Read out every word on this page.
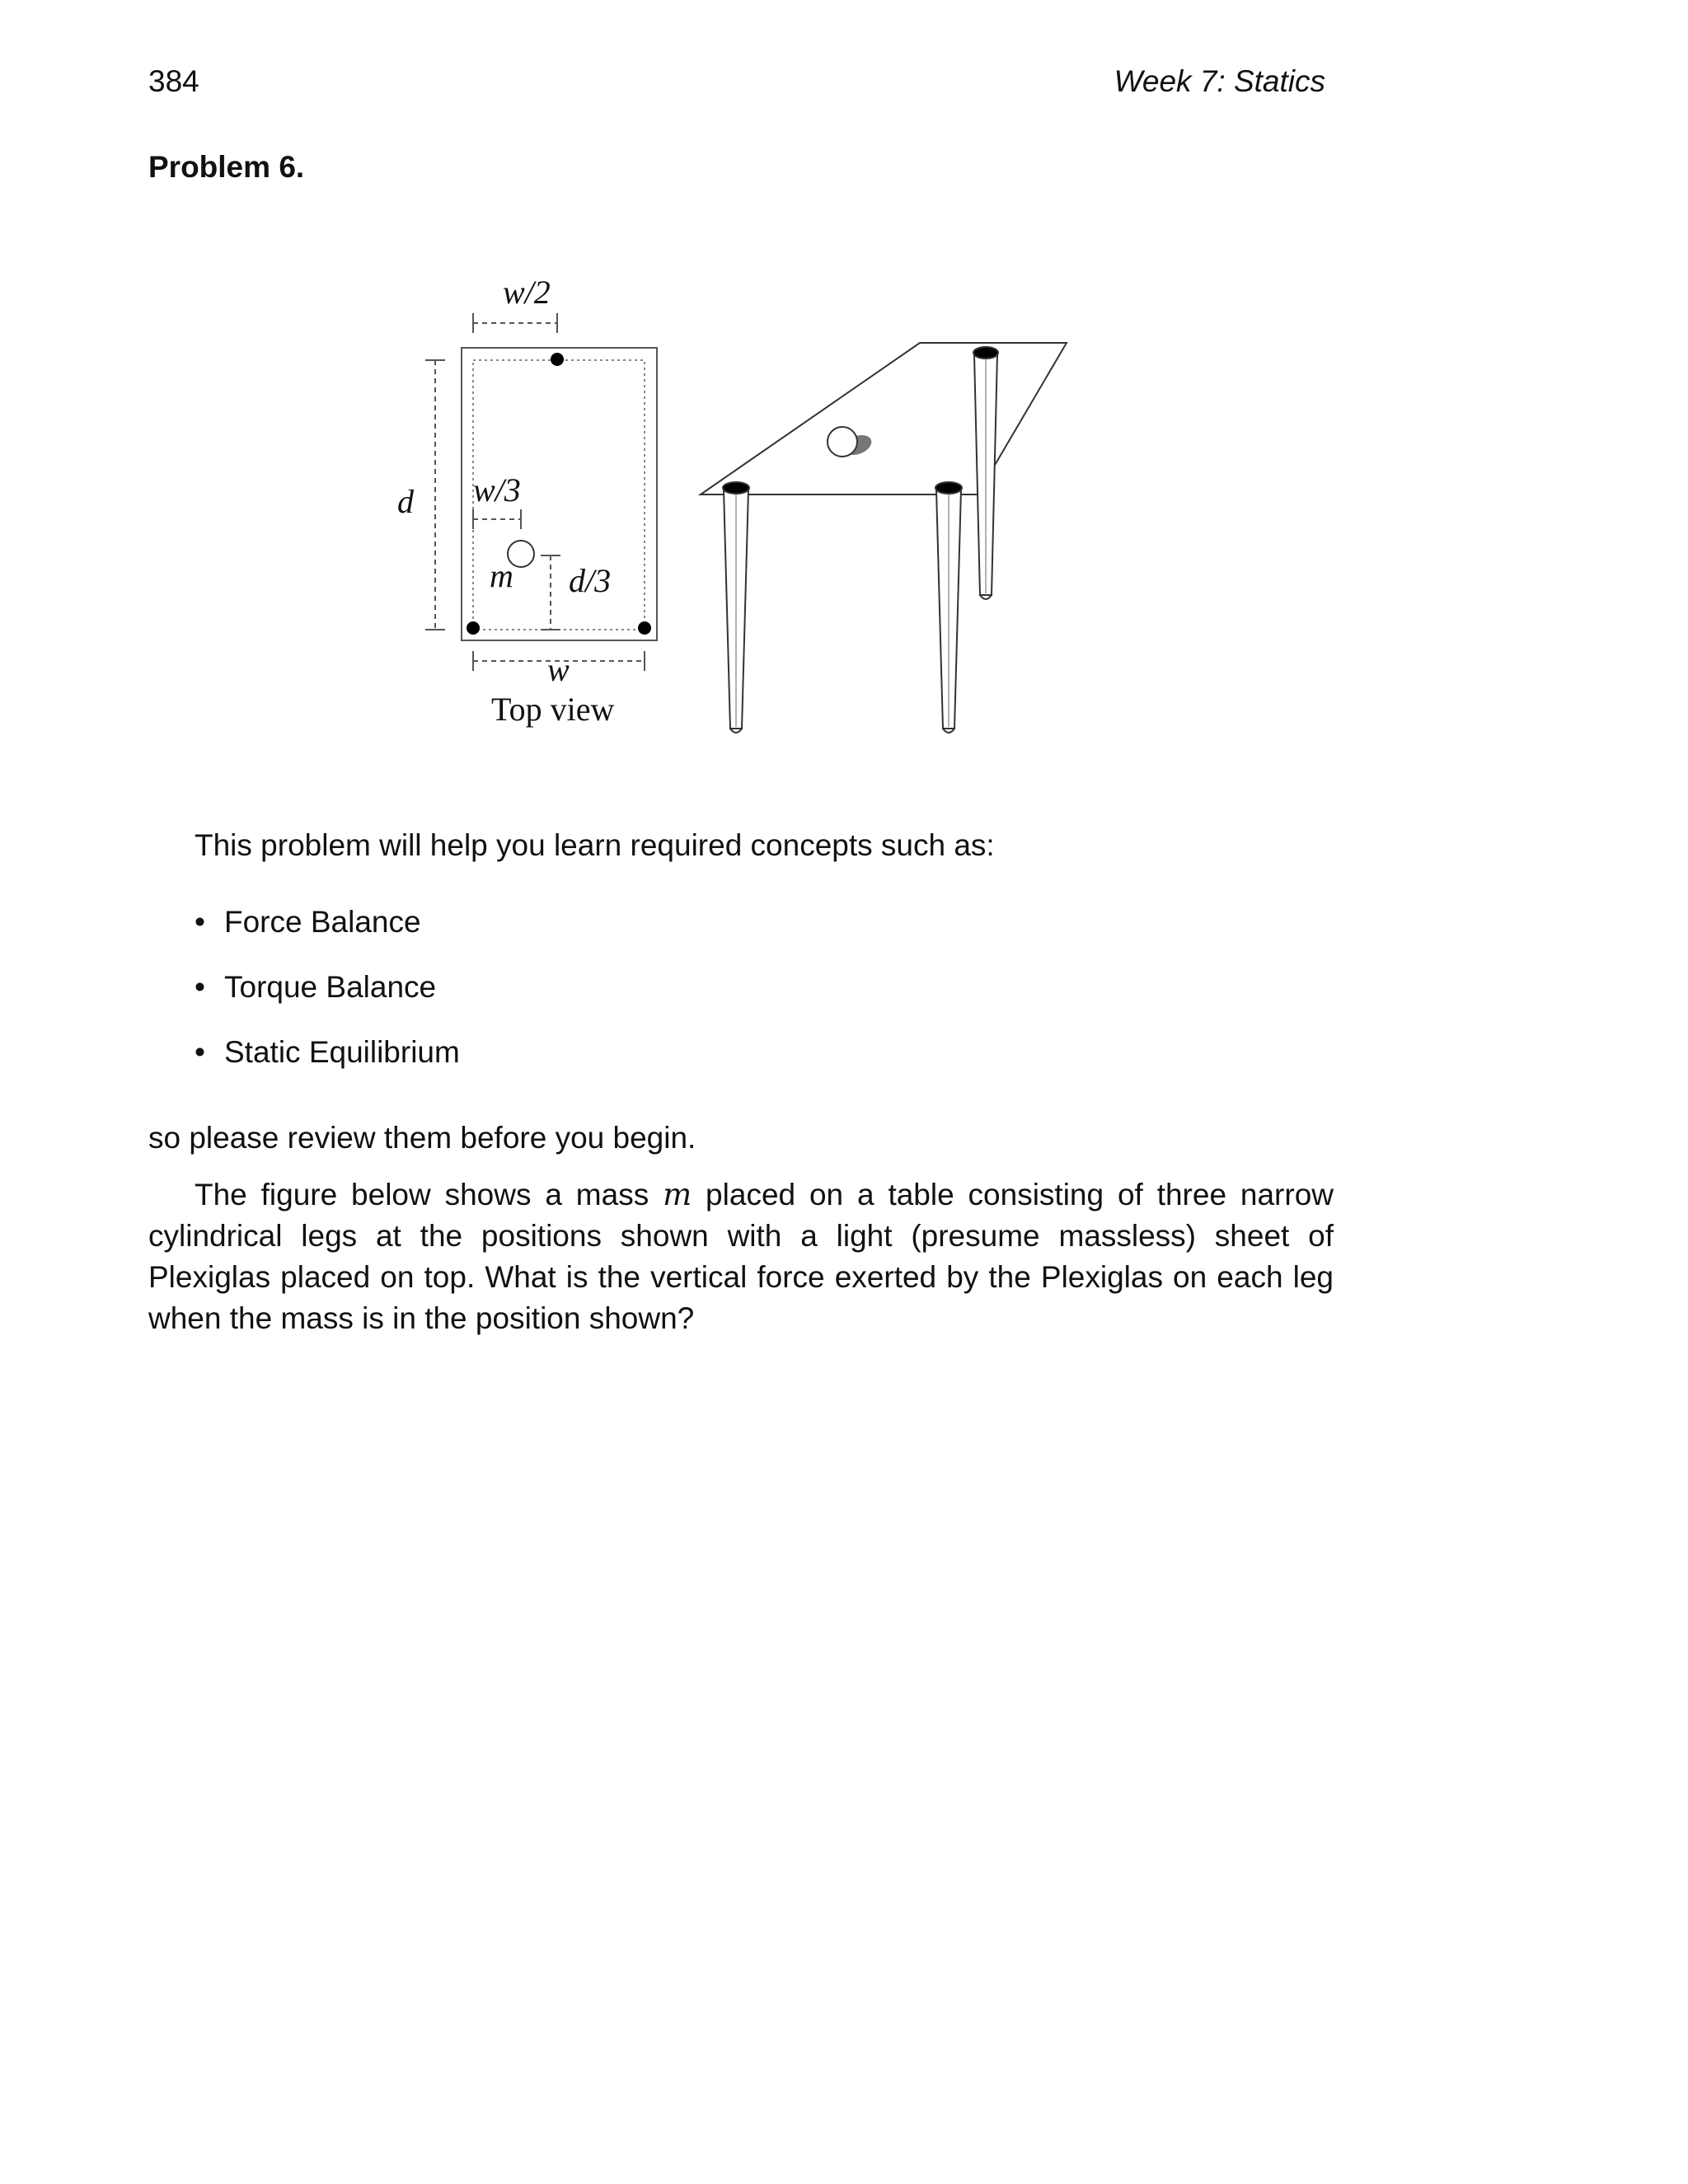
384	Week 7: Statics
Problem 6.
w/2
d w/3
m d/3
w
Top view
This problem will help you learn required concepts such as:
• Force Balance
• Torque Balance
• Static Equilibrium
so please review them before you begin.

The figure below shows a mass m placed on a table consisting of three narrow cylindrical legs at the positions shown with a light (presume massless) sheet of Plexiglas placed on top. What is the vertical force exerted by the Plexiglas on each leg when the mass is in the position shown?
